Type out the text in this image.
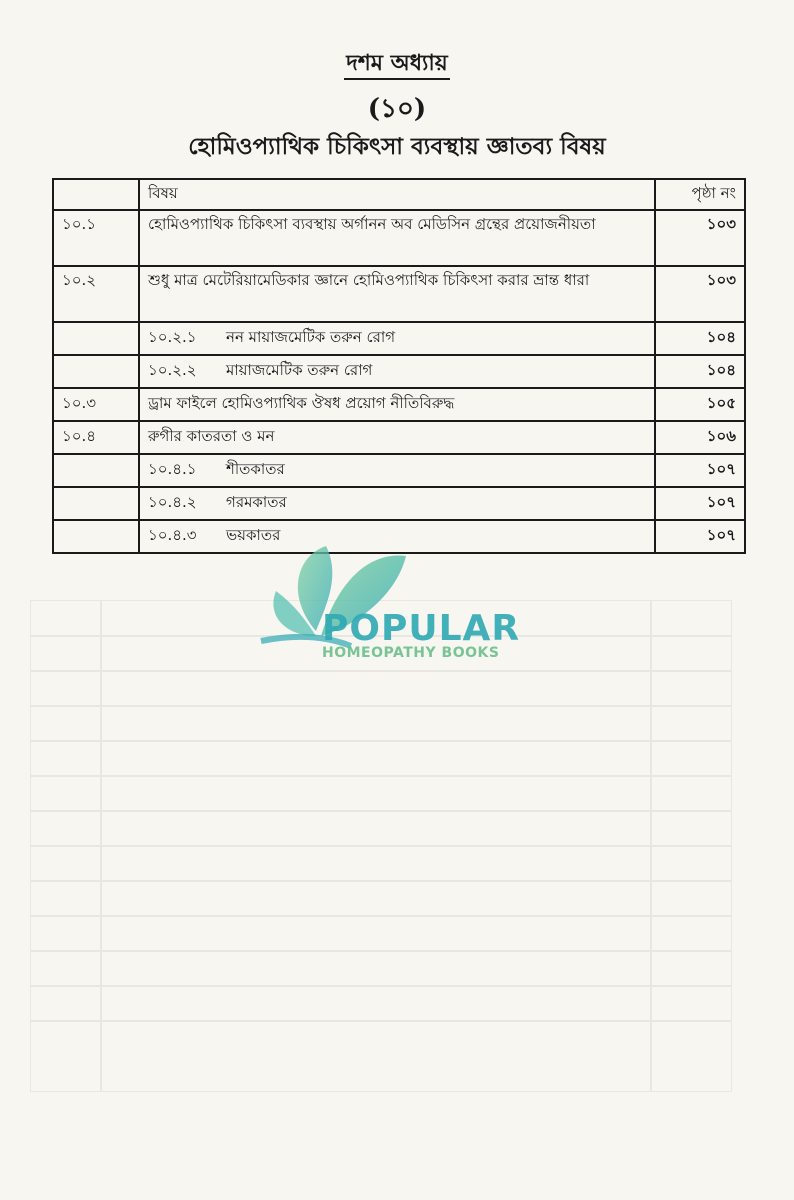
দশম অধ্যায়
(১০)
হোমিওপ্যাথিক চিকিৎসা ব্যবস্থায় জ্ঞাতব্য বিষয়
	বিষয়	পৃষ্ঠা নং
১০.১	হোমিওপ্যাথিক চিকিৎসা ব্যবস্থায় অর্গানন অব মেডিসিন গ্রন্থের প্রয়োজনীয়তা	১০৩
১০.২	শুধু মাত্র মেটেরিয়ামেডিকার জ্ঞানে হোমিওপ্যাথিক চিকিৎসা করার ভ্রান্ত ধারা	১০৩
	১০.২.১ নন মায়াজমেটিক তরুন রোগ	১০৪
	১০.২.২ মায়াজমেটিক তরুন রোগ	১০৪
১০.৩	ড্রাম ফাইলে হোমিওপ্যাথিক ঔষধ প্রয়োগ নীতিবিরুদ্ধ	১০৫
১০.৪	রুগীর কাতরতা ও মন	১০৬
	১০.৪.১ শীতকাতর	১০৭
	১০.৪.২ গরমকাতর	১০৭
	১০.৪.৩ ভয়কাতর	১০৭
POPULAR
HOMEOPATHY BOOKS
